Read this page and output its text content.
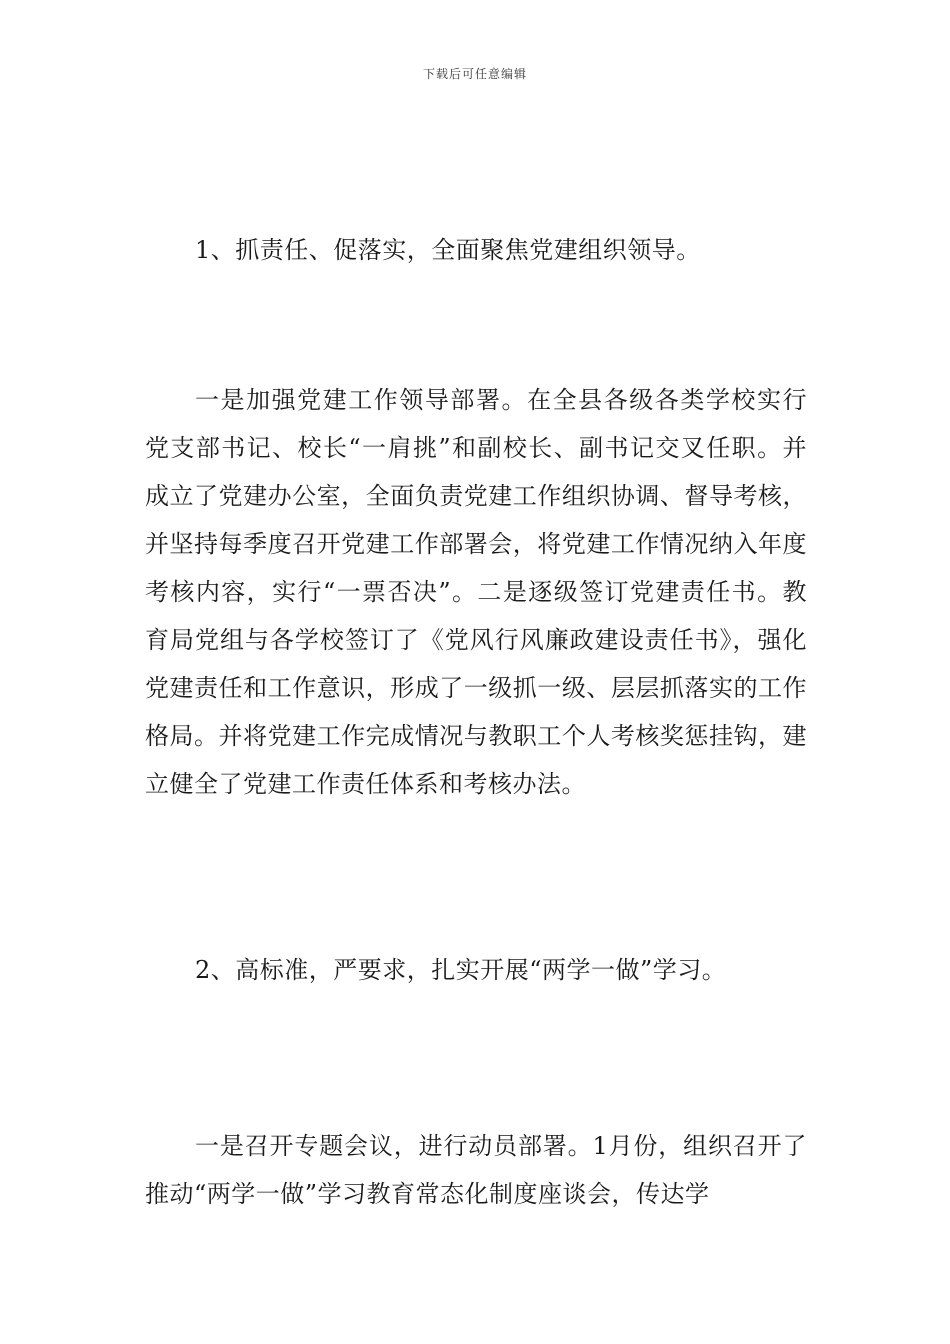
下载后可任意编辑

1、抓责任、促落实，全面聚焦党建组织领导。

一是加强党建工作领导部署。在全县各级各类学校实行党支部书记、校长“一肩挑”和副校长、副书记交叉任职。并成立了党建办公室，全面负责党建工作组织协调、督导考核，并坚持每季度召开党建工作部署会，将党建工作情况纳入年度考核内容，实行“一票否决”。二是逐级签订党建责任书。教育局党组与各学校签订了《党风行风廉政建设责任书》，强化党建责任和工作意识，形成了一级抓一级、层层抓落实的工作格局。并将党建工作完成情况与教职工个人考核奖惩挂钩，建立健全了党建工作责任体系和考核办法。

2、高标准，严要求，扎实开展“两学一做”学习。

一是召开专题会议，进行动员部署。1月份，组织召开了推动“两学一做”学习教育常态化制度座谈会，传达学
